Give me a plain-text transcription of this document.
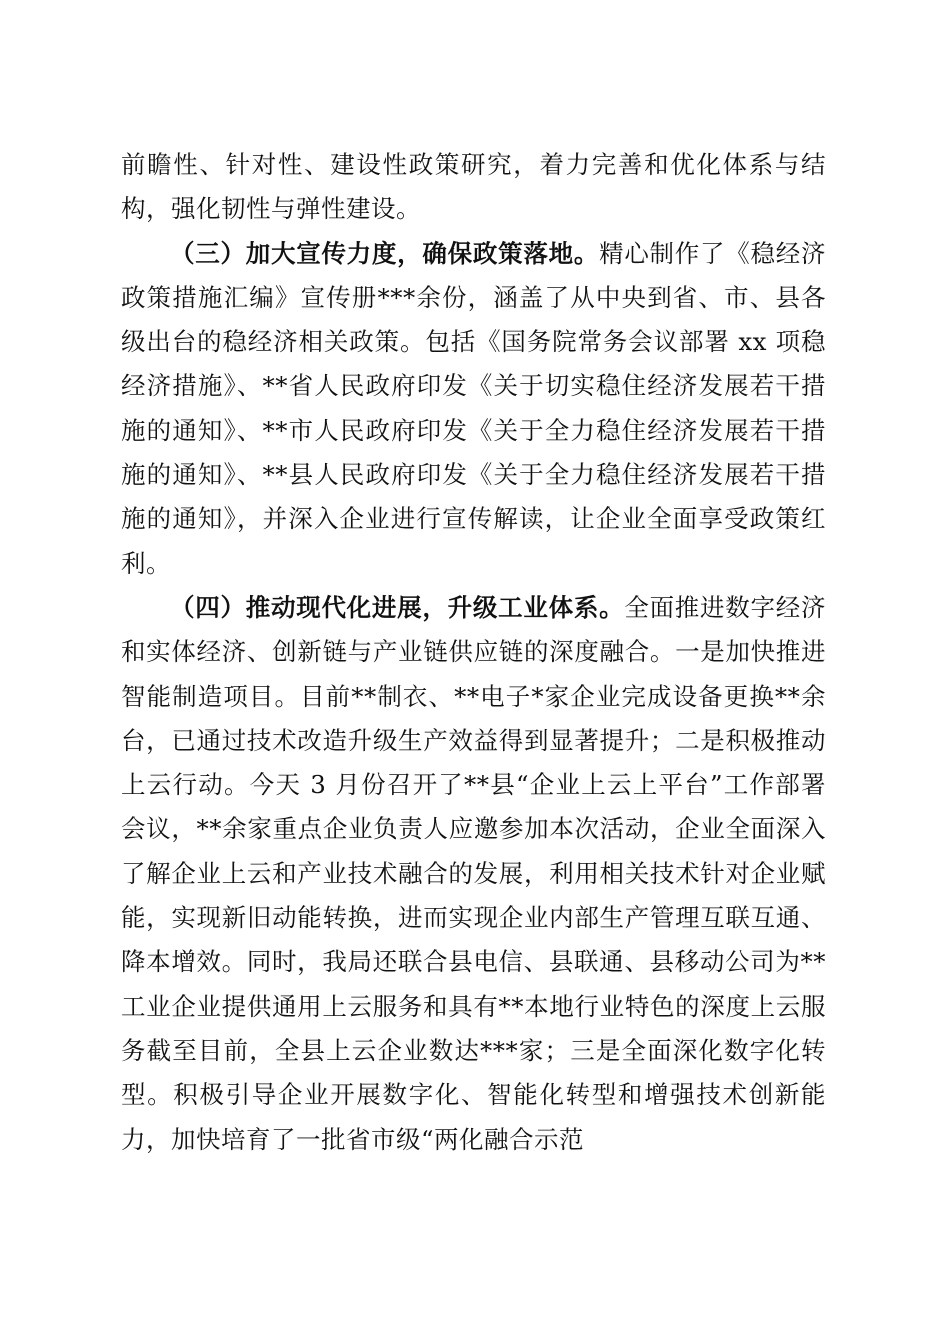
前瞻性、针对性、建设性政策研究，着力完善和优化体系与结构，强化韧性与弹性建设。

（三）加大宣传力度，确保政策落地。精心制作了《稳经济政策措施汇编》宣传册***余份，涵盖了从中央到省、市、县各级出台的稳经济相关政策。包括《国务院常务会议部署 xx 项稳经济措施》、**省人民政府印发《关于切实稳住经济发展若干措施的通知》、**市人民政府印发《关于全力稳住经济发展若干措施的通知》、**县人民政府印发《关于全力稳住经济发展若干措施的通知》，并深入企业进行宣传解读，让企业全面享受政策红利。

（四）推动现代化进展，升级工业体系。全面推进数字经济和实体经济、创新链与产业链供应链的深度融合。一是加快推进智能制造项目。目前**制衣、**电子*家企业完成设备更换**余台，已通过技术改造升级生产效益得到显著提升；二是积极推动上云行动。今天 3 月份召开了**县“企业上云上平台”工作部署会议，**余家重点企业负责人应邀参加本次活动，企业全面深入了解企业上云和产业技术融合的发展，利用相关技术针对企业赋能，实现新旧动能转换，进而实现企业内部生产管理互联互通、降本增效。同时，我局还联合县电信、县联通、县移动公司为**工业企业提供通用上云服务和具有**本地行业特色的深度上云服务截至目前，全县上云企业数达***家；三是全面深化数字化转型。积极引导企业开展数字化、智能化转型和增强技术创新能力，加快培育了一批省市级“两化融合示范
